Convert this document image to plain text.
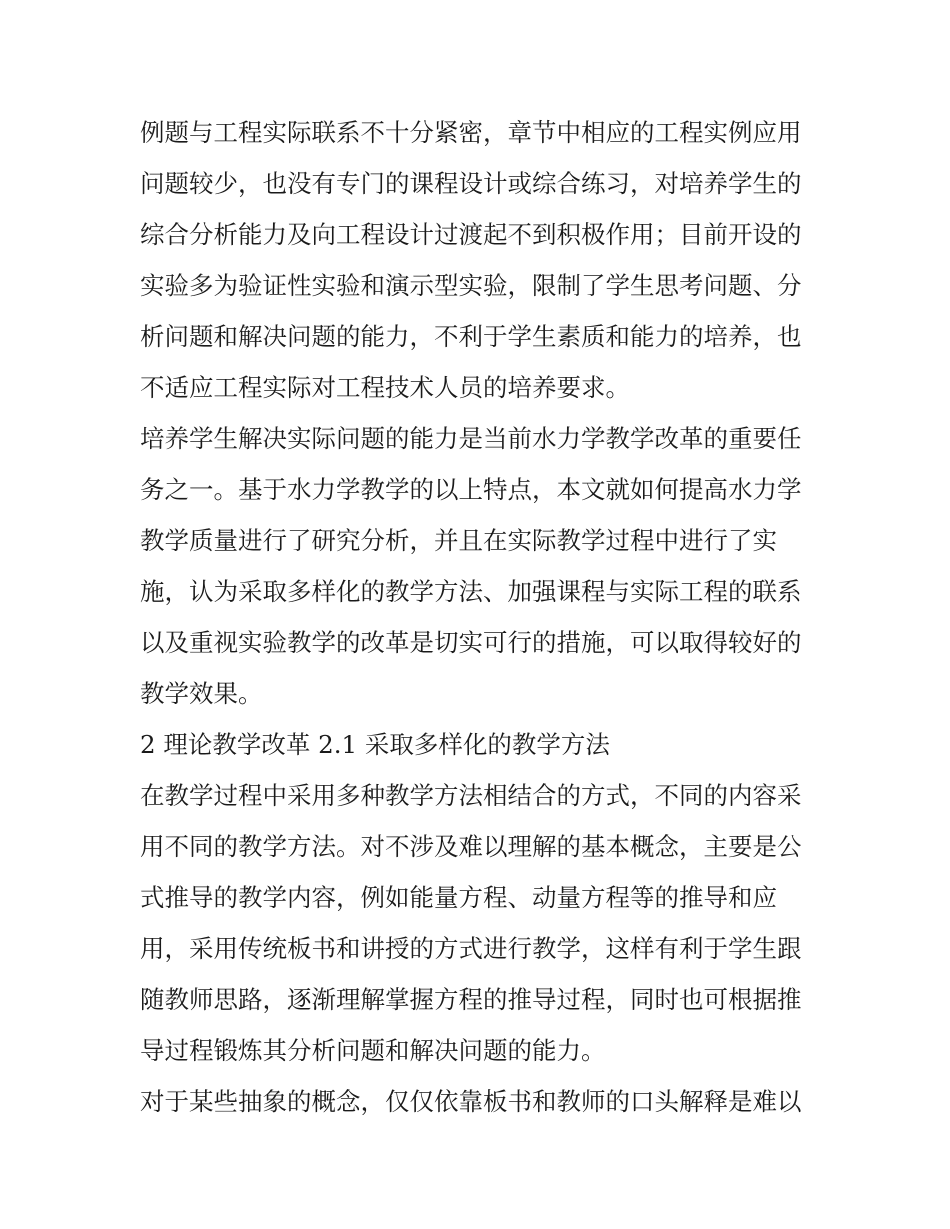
例题与工程实际联系不十分紧密，章节中相应的工程实例应用
问题较少，也没有专门的课程设计或综合练习，对培养学生的
综合分析能力及向工程设计过渡起不到积极作用；目前开设的
实验多为验证性实验和演示型实验，限制了学生思考问题、分
析问题和解决问题的能力，不利于学生素质和能力的培养，也
不适应工程实际对工程技术人员的培养要求。
培养学生解决实际问题的能力是当前水力学教学改革的重要任
务之一。基于水力学教学的以上特点，本文就如何提高水力学
教学质量进行了研究分析，并且在实际教学过程中进行了实
施，认为采取多样化的教学方法、加强课程与实际工程的联系
以及重视实验教学的改革是切实可行的措施，可以取得较好的
教学效果。
2 理论教学改革 2.1 采取多样化的教学方法
在教学过程中采用多种教学方法相结合的方式，不同的内容采
用不同的教学方法。对不涉及难以理解的基本概念，主要是公
式推导的教学内容，例如能量方程、动量方程等的推导和应
用，采用传统板书和讲授的方式进行教学，这样有利于学生跟
随教师思路，逐渐理解掌握方程的推导过程，同时也可根据推
导过程锻炼其分析问题和解决问题的能力。
对于某些抽象的概念，仅仅依靠板书和教师的口头解释是难以
